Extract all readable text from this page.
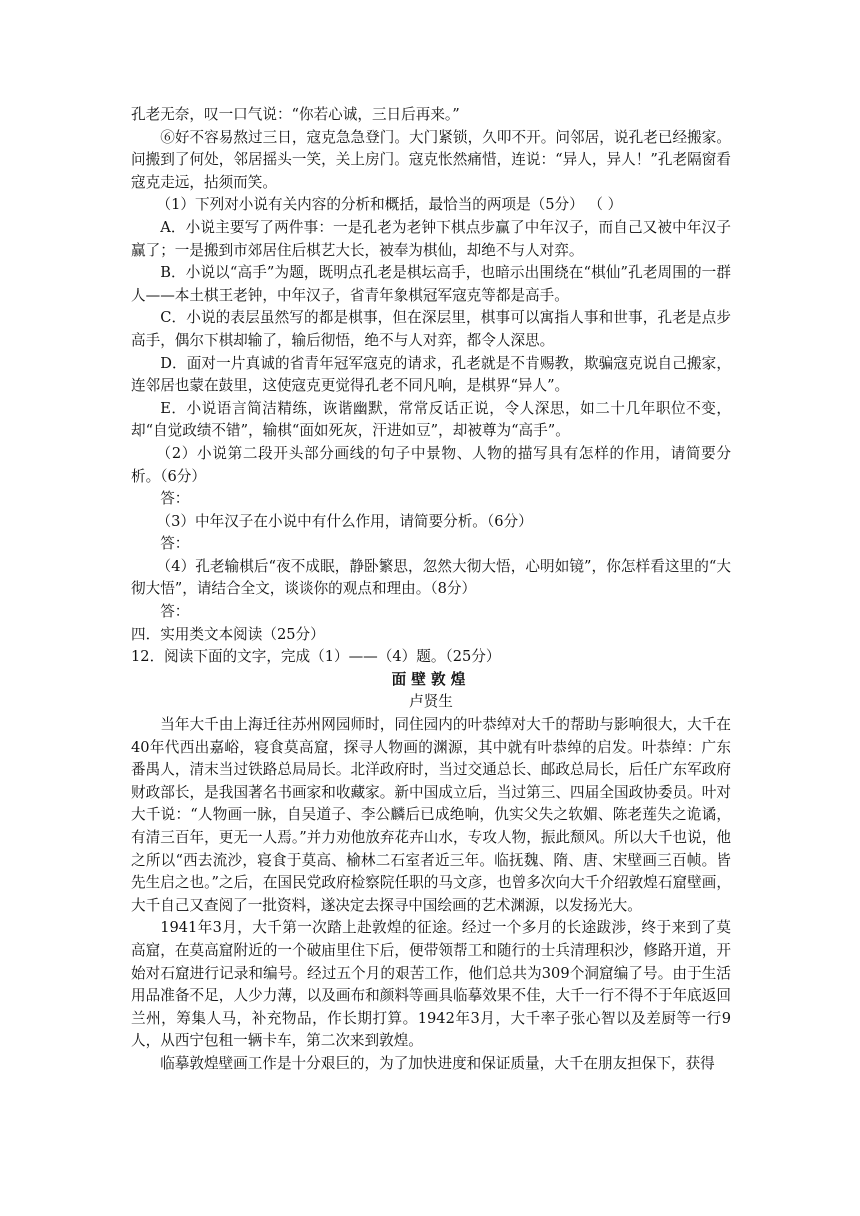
孔老无奈，叹一口气说：“你若心诚，三日后再来。”

⑥好不容易熬过三日，寇克急急登门。大门紧锁，久叩不开。问邻居，说孔老已经搬家。问搬到了何处，邻居摇头一笑，关上房门。寇克怅然痛惜，连说：“异人，异人！”孔老隔窗看寇克走远，拈须而笑。

（1）下列对小说有关内容的分析和概括，最恰当的两项是（5分） （ ）

A．小说主要写了两件事：一是孔老为老钟下棋点步赢了中年汉子，而自己又被中年汉子赢了；一是搬到市郊居住后棋艺大长，被奉为棋仙，却绝不与人对弈。

B．小说以“高手”为题，既明点孔老是棋坛高手，也暗示出围绕在“棋仙”孔老周围的一群人——本土棋王老钟，中年汉子，省青年象棋冠军寇克等都是高手。

C．小说的表层虽然写的都是棋事，但在深层里，棋事可以寓指人事和世事，孔老是点步高手，偶尔下棋却输了，输后彻悟，绝不与人对弈，都令人深思。

D．面对一片真诚的省青年冠军寇克的请求，孔老就是不肯赐教，欺骗寇克说自己搬家，连邻居也蒙在鼓里，这使寇克更觉得孔老不同凡响，是棋界“异人”。

E．小说语言简洁精练，诙谐幽默，常常反话正说，令人深思，如二十几年职位不变，却“自觉政绩不错”，输棋“面如死灰，汗进如豆”，却被尊为“高手”。

（2）小说第二段开头部分画线的句子中景物、人物的描写具有怎样的作用，请简要分析。（6分）

答：

（3）中年汉子在小说中有什么作用，请简要分析。（6分）

答：

（4）孔老输棋后“夜不成眠，静卧繁思，忽然大彻大悟，心明如镜”，你怎样看这里的“大彻大悟”，请结合全文，谈谈你的观点和理由。（8分）

答：

四．实用类文本阅读（25分）

12．阅读下面的文字，完成（1）——（4）题。（25分）

面壁敦煌

卢贤生

当年大千由上海迁往苏州网园师时，同住园内的叶恭绰对大千的帮助与影响很大，大千在40年代西出嘉峪，寝食莫高窟，探寻人物画的渊源，其中就有叶恭绰的启发。叶恭绰：广东番禺人，清末当过铁路总局局长。北洋政府时，当过交通总长、邮政总局长，后任广东军政府财政部长，是我国著名书画家和收藏家。新中国成立后，当过第三、四届全国政协委员。叶对大千说：“人物画一脉，自吴道子、李公麟后已成绝响，仇实父失之软媚、陈老莲失之诡谲，有清三百年，更无一人焉。”并力劝他放弃花卉山水，专攻人物，振此颓风。所以大千也说，他之所以“西去流沙，寝食于莫高、榆林二石室者近三年。临抚魏、隋、唐、宋壁画三百帧。皆先生启之也。”之后，在国民党政府检察院任职的马文彦，也曾多次向大千介绍敦煌石窟壁画，大千自己又查阅了一批资料，遂决定去探寻中国绘画的艺术渊源，以发扬光大。

1941年3月，大千第一次踏上赴敦煌的征途。经过一个多月的长途跋涉，终于来到了莫高窟，在莫高窟附近的一个破庙里住下后，便带领帮工和随行的士兵清理积沙，修路开道，开始对石窟进行记录和编号。经过五个月的艰苦工作，他们总共为309个洞窟编了号。由于生活用品准备不足，人少力薄，以及画布和颜料等画具临摹效果不佳，大千一行不得不于年底返回兰州，筹集人马，补充物品，作长期打算。1942年3月，大千率子张心智以及差厨等一行9人，从西宁包租一辆卡车，第二次来到敦煌。

临摹敦煌壁画工作是十分艰巨的，为了加快进度和保证质量，大千在朋友担保下，获得
